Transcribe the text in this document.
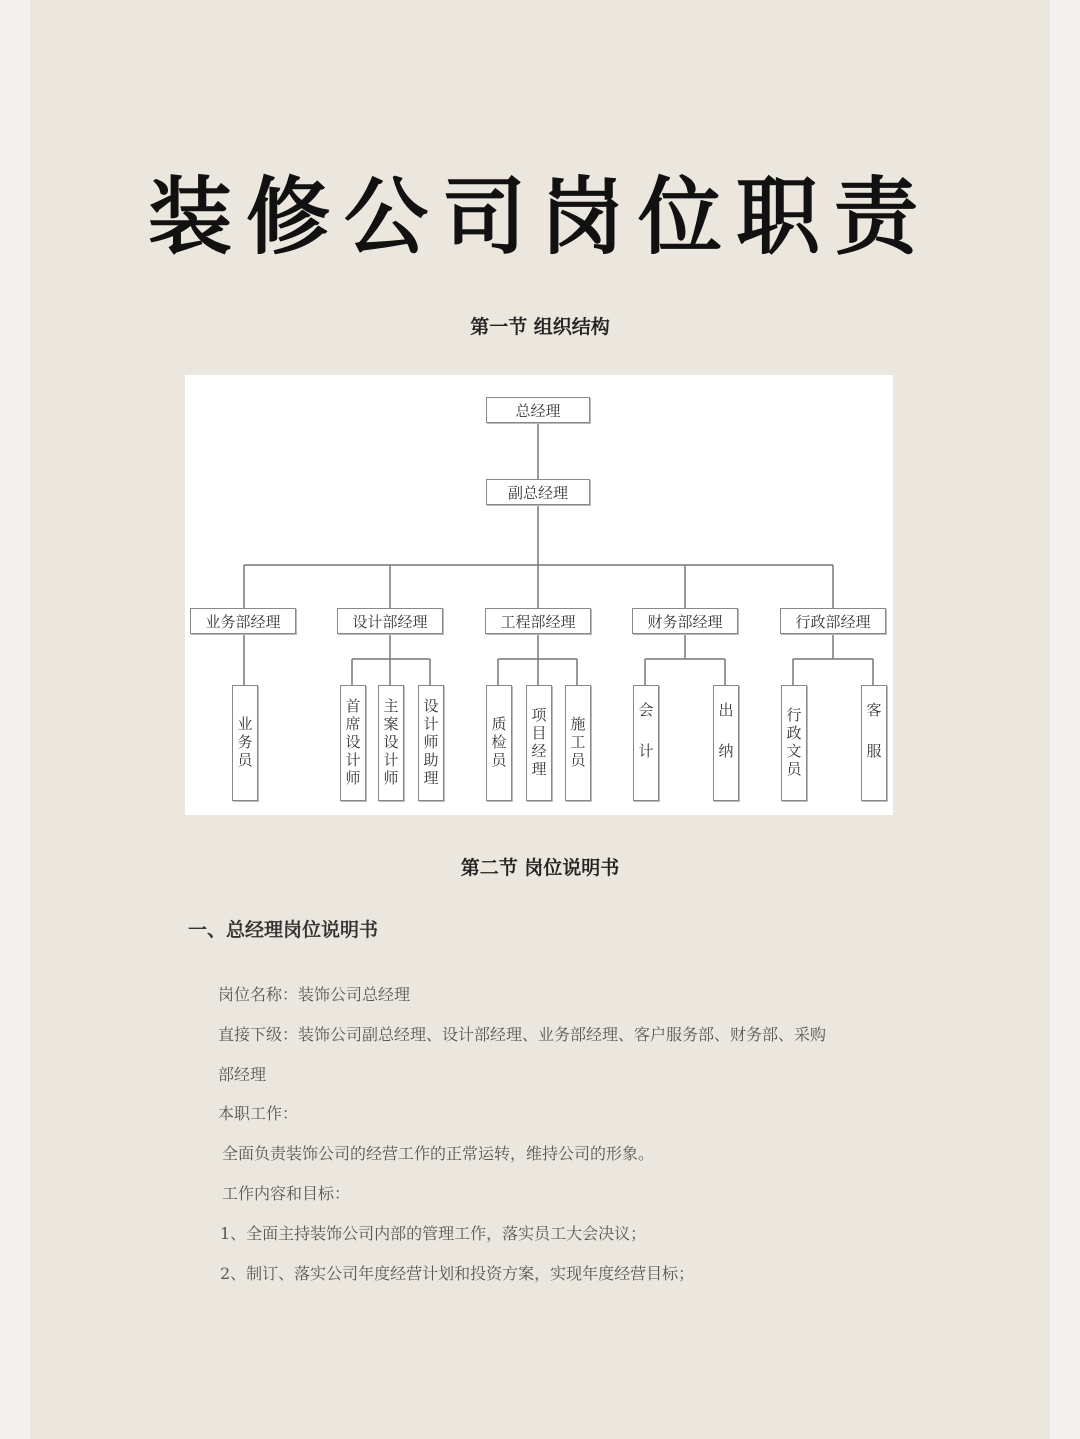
装修公司岗位职责
第一节 组织结构
总经理
副总经理
业务部经理	设计部经理	工程部经理	财务部经理	行政部经理
业务员	首席设计师	主案设计师	设计师助理	质检员	项目经理	施工员	会计	出纳	行政文员	客服
第二节 岗位说明书
一、总经理岗位说明书
岗位名称：装饰公司总经理
直接下级：装饰公司副总经理、设计部经理、业务部经理、客户服务部、财务部、采购
部经理
本职工作：
全面负责装饰公司的经营工作的正常运转，维持公司的形象。
工作内容和目标：
1、全面主持装饰公司内部的管理工作，落实员工大会决议；
2、制订、落实公司年度经营计划和投资方案，实现年度经营目标；
